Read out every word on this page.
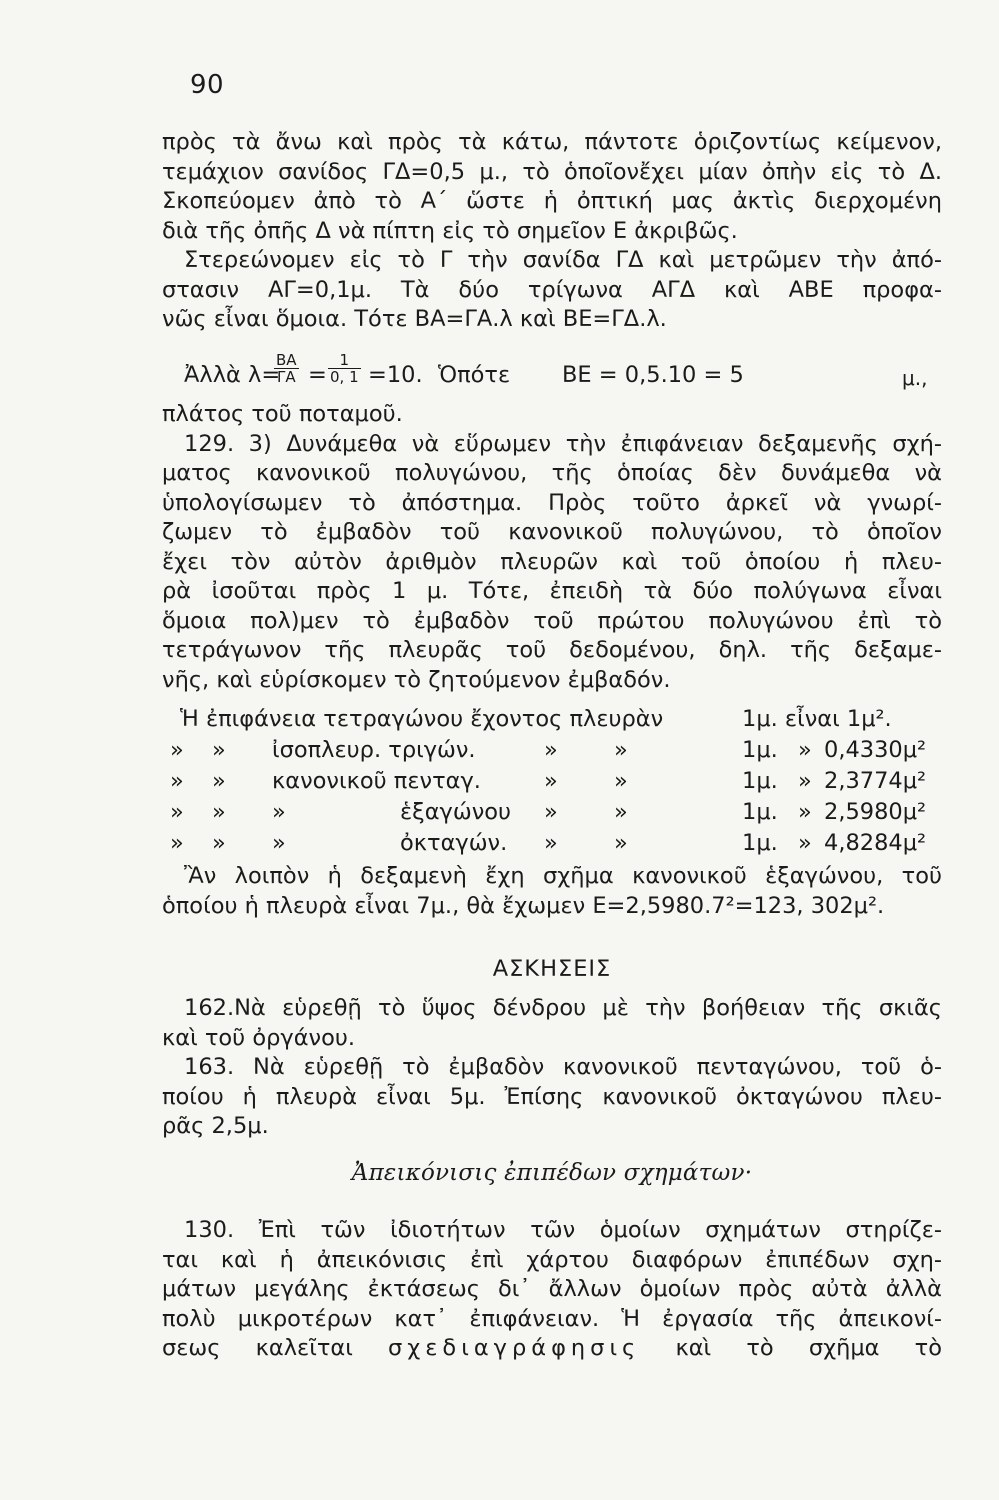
90
πρὸς τὰ ἄνω καὶ πρὸς τὰ κάτω, πάντοτε ὁριζοντίως κείμενον,
τεμάχιον σανίδος ΓΔ=0,5 μ., τὸ ὁποῖονἔχει μίαν ὀπὴν εἰς τὸ Δ.
Σκοπεύομεν ἀπὸ τὸ Α΄ ὥστε ἡ ὀπτική μας ἀκτὶς διερχομένη
διὰ τῆς ὀπῆς Δ νὰ πίπτη εἰς τὸ σημεῖον Ε ἀκριβῶς.
Στερεώνομεν εἰς τὸ Γ τὴν σανίδα ΓΔ καὶ μετρῶμεν τὴν ἀπό-
στασιν ΑΓ=0,1μ. Τὰ δύο τρίγωνα ΑΓΔ καὶ ΑΒΕ προφα-
νῶς εἶναι ὅμοια. Τότε ΒΑ=ΓΑ.λ καὶ ΒΕ=ΓΔ.λ.
Ἀλλὰ λ=
$\frac{BA}{\Gamma A} = \frac{1}{0, 1} =10$. Ὁπότε ΒΕ = 0,5.10 = 5	μ.,
πλάτος τοῦ ποταμοῦ.
129. 3) Δυνάμεθα νὰ εὕρωμεν τὴν ἐπιφάνειαν δεξαμενῆς σχή-
ματος κανονικοῦ πολυγώνου, τῆς ὁποίας δὲν δυνάμεθα νὰ
ὑπολογίσωμεν τὸ ἀπόστημα. Πρὸς τοῦτο ἀρκεῖ νὰ γνωρί-
ζωμεν τὸ ἐμβαδὸν τοῦ κανονικοῦ πολυγώνου, τὸ ὁποῖον
ἔχει τὸν αὐτὸν ἀριθμὸν πλευρῶν καὶ τοῦ ὁποίου ἡ πλευ-
ρὰ ἰσοῦται πρὸς 1 μ. Τότε, ἐπειδὴ τὰ δύο πολύγωνα εἶναι
ὅμοια πολ)μεν τὸ ἐμβαδὸν τοῦ πρώτου πολυγώνου ἐπὶ τὸ
τετράγωνον τῆς πλευρᾶς τοῦ δεδομένου, δηλ. τῆς δεξαμε-
νῆς, καὶ εὑρίσκομεν τὸ ζητούμενον ἐμβαδόν.
Ἡ ἐπιφάνεια τετραγώνου ἔχοντος πλευρὰν	1μ. εἶναι 1μ².
» » ἰσοπλευρ. τριγών.	» »	1μ. » 0,4330μ²
» » κανονικοῦ πενταγ.	» »	1μ. » 2,3774μ²
» » »	ἑξαγώνου » »	1μ. » 2,5980μ²
» » »	ὀκταγών. » »	1μ. » 4,8284μ²
Ἂν λοιπὸν ἡ δεξαμενὴ ἔχη σχῆμα κανονικοῦ ἑξαγώνου, τοῦ
ὁποίου ἡ πλευρὰ εἶναι 7μ., θὰ ἔχωμεν Ε=2,5980.7²=123, 302μ².
ΑΣΚΗΣΕΙΣ
162.Νὰ εὑρεθῇ τὸ ὕψος δένδρου μὲ τὴν βοήθειαν τῆς σκιᾶς
καὶ τοῦ ὀργάνου.
163. Νὰ εὑρεθῇ τὸ ἐμβαδὸν κανονικοῦ πενταγώνου, τοῦ ὁ-
ποίου ἡ πλευρὰ εἶναι 5μ. Ἐπίσης κανονικοῦ ὀκταγώνου πλευ-
ρᾶς 2,5μ.
Ἀπεικόνισις ἐπιπέδων σχημάτων·
130. Ἐπὶ τῶν ἰδιοτήτων τῶν ὁμοίων σχημάτων στηρίζε-
ται καὶ ἡ ἀπεικόνισις ἐπὶ χάρτου διαφόρων ἐπιπέδων σχη-
μάτων μεγάλης ἐκτάσεως δι᾽ ἄλλων ὁμοίων πρὸς αὐτὰ ἀλλὰ
πολὺ μικροτέρων κατ᾽ ἐπιφάνειαν. Ἡ ἐργασία τῆς ἀπεικονί-
σεως καλεῖται σχεδιαγράφησις καὶ τὸ σχῆμα τὸ
